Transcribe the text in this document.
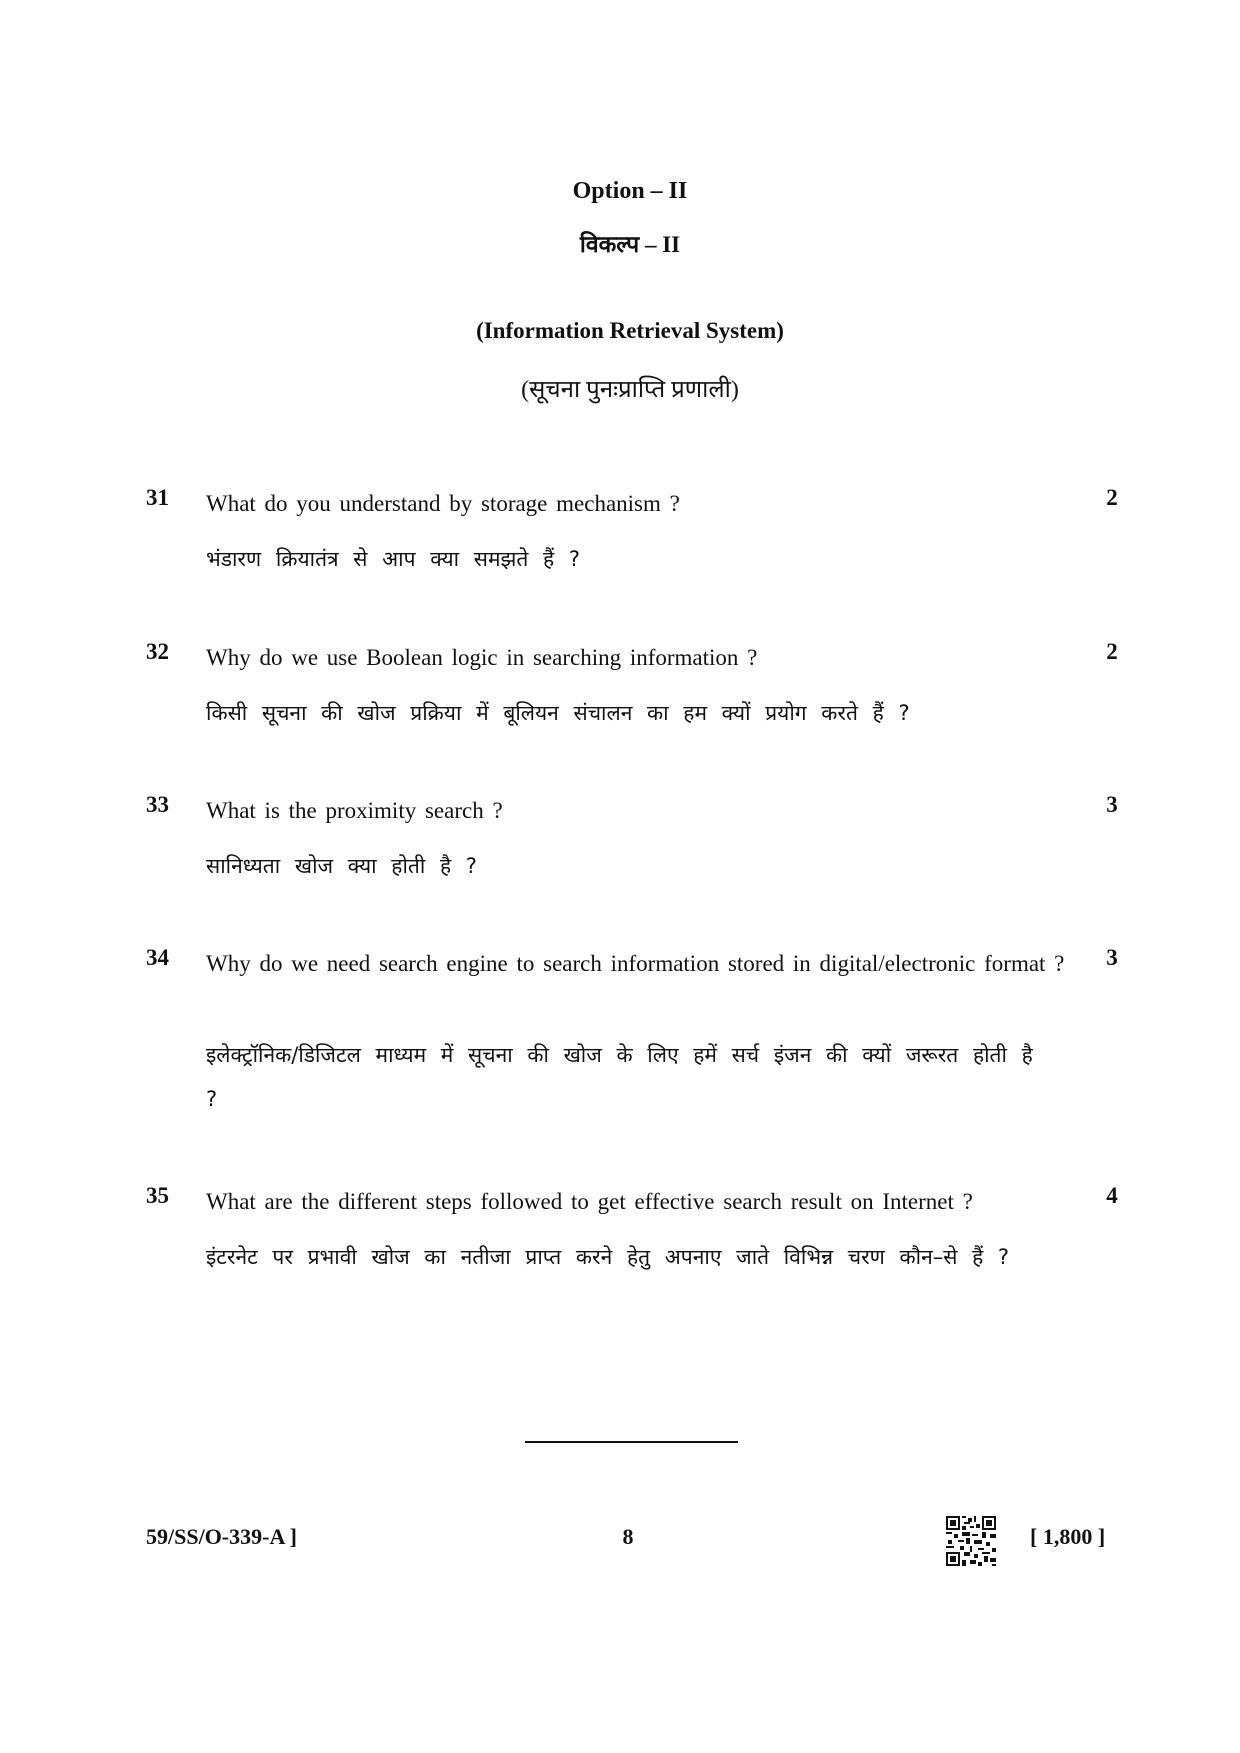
Option – II
विकल्प – II
(Information Retrieval System)
(सूचना पुनःप्राप्ति प्रणाली)
31 What do you understand by storage mechanism ?	2
भंडारण क्रियातंत्र से आप क्या समझते हैं ?
32 Why do we use Boolean logic in searching information ?	2
किसी सूचना की खोज प्रक्रिया में बूलियन संचालन का हम क्यों प्रयोग करते हैं ?
33 What is the proximity search ?	3
सानिध्यता खोज क्या होती है ?
34 Why do we need search engine to search information stored in digital/electronic format ? 3
इलेक्ट्रॉनिक/डिजिटल माध्यम में सूचना की खोज के लिए हमें सर्च इंजन की क्यों जरूरत होती है ?
35 What are the different steps followed to get effective search result on Internet ?	4
इंटरनेट पर प्रभावी खोज का नतीजा प्राप्त करने हेतु अपनाए जाते विभिन्न चरण कौन–से हैं ?
59/SS/O-339-A ]	8	[ 1,800 ]
